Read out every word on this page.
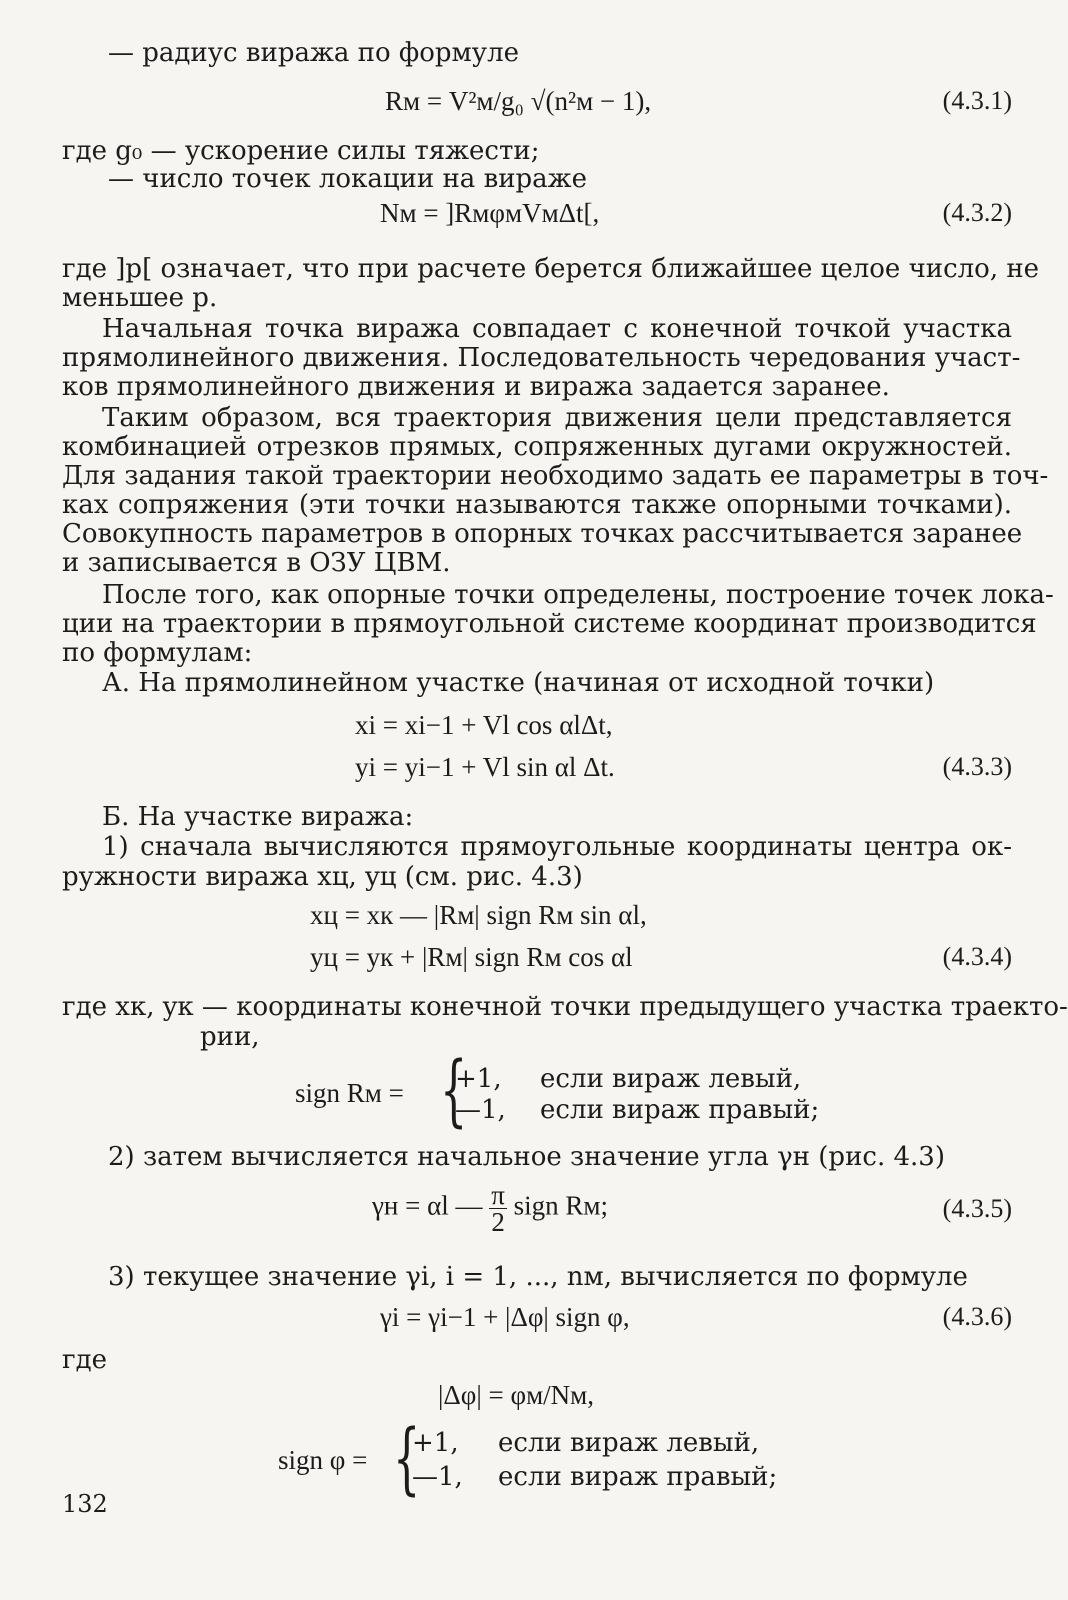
— радиус виража по формуле
Rм = V²м/g₀ √(n²м − 1),	(4.3.1)
где g₀ — ускорение силы тяжести;
— число точек локации на вираже
Nм = ]RмφмVмΔt[,	(4.3.2)
где ]p[ означает, что при расчете берется ближайшее целое число, не
меньшее p.
Начальная точка виража совпадает с конечной точкой участка
прямолинейного движения. Последовательность чередования участ-
ков прямолинейного движения и виража задается заранее.
Таким образом, вся траектория движения цели представляется
комбинацией отрезков прямых, сопряженных дугами окружностей.
Для задания такой траектории необходимо задать ее параметры в точ-
ках сопряжения (эти точки называются также опорными точками).
Совокупность параметров в опорных точках рассчитывается заранее
и записывается в ОЗУ ЦВМ.
После того, как опорные точки определены, построение точек лока-
ции на траектории в прямоугольной системе координат производится
по формулам:
А. На прямолинейном участке (начиная от исходной точки)
xi = xi−1 + Vl cos αlΔt,
yi = yi−1 + Vl sin αl Δt.	(4.3.3)
Б. На участке виража:
1) сначала вычисляются прямоугольные координаты центра ок-
ружности виража xц, yц (см. рис. 4.3)
xц = xк — |Rм| sign Rм sin αl,
yц = yк + |Rм| sign Rм cos αl	(4.3.4)
где xк, yк — координаты конечной точки предыдущего участка траекто-
рии,
sign Rм = {
+1, если вираж левый,
—1, если вираж правый;
2) затем вычисляется начальное значение угла γн (рис. 4.3)
γн = αl — $\frac{\pi}{2}$ sign Rм;	(4.3.5)
3) текущее значение γi, i = 1, ..., nм, вычисляется по формуле
γi = γi−1 + |Δφ| sign φ,	(4.3.6)
где
|Δφ| = φм/Nм,
sign φ = {
+1, если вираж левый,
—1, если вираж правый;
132
